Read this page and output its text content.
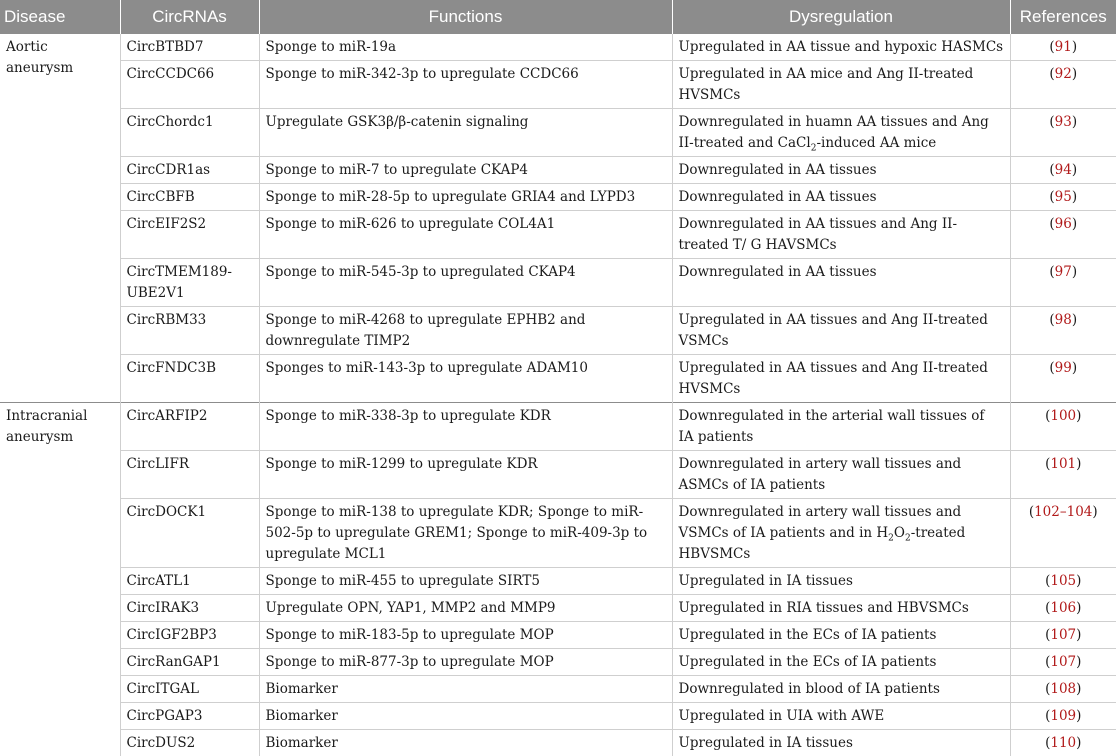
Disease	CircRNAs	Functions	Dysregulation	References
Aortic aneurysm	CircBTBD7	Sponge to miR-19a	Upregulated in AA tissue and hypoxic HASMCs	(91)
	CircCCDC66	Sponge to miR-342-3p to upregulate CCDC66	Upregulated in AA mice and Ang II-treated HVSMCs	(92)
	CircChordc1	Upregulate GSK3β/β-catenin signaling	Downregulated in huamn AA tissues and Ang II-treated and CaCl$_2$-induced AA mice	(93)
	CircCDR1as	Sponge to miR-7 to upregulate CKAP4	Downregulated in AA tissues	(94)
	CircCBFB	Sponge to miR-28-5p to upregulate GRIA4 and LYPD3	Downregulated in AA tissues	(95)
	CircEIF2S2	Sponge to miR-626 to upregulate COL4A1	Downregulated in AA tissues and Ang II-treated T/ G HAVSMCs	(96)
	CircTMEM189-UBE2V1	Sponge to miR-545-3p to upregulated CKAP4	Downregulated in AA tissues	(97)
	CircRBM33	Sponge to miR-4268 to upregulate EPHB2 and downregulate TIMP2	Upregulated in AA tissues and Ang II-treated VSMCs	(98)
	CircFNDC3B	Sponges to miR-143-3p to upregulate ADAM10	Upregulated in AA tissues and Ang II-treated HVSMCs	(99)
Intracranial aneurysm	CircARFIP2	Sponge to miR-338-3p to upregulate KDR	Downregulated in the arterial wall tissues of IA patients	(100)
	CircLIFR	Sponge to miR-1299 to upregulate KDR	Downregulated in artery wall tissues and ASMCs of IA patients	(101)
	CircDOCK1	Sponge to miR-138 to upregulate KDR; Sponge to miR-502-5p to upregulate GREM1; Sponge to miR-409-3p to upregulate MCL1	Downregulated in artery wall tissues and VSMCs of IA patients and in $H_2O_2$-treated HBVSMCs	(102–104)
	CircATL1	Sponge to miR-455 to upregulate SIRT5	Upregulated in IA tissues	(105)
	CircIRAK3	Upregulate OPN, YAP1, MMP2 and MMP9	Upregulated in RIA tissues and HBVSMCs	(106)
	CircIGF2BP3	Sponge to miR-183-5p to upregulate MOP	Upregulated in the ECs of IA patients	(107)
	CircRanGAP1	Sponge to miR-877-3p to upregulate MOP	Upregulated in the ECs of IA patients	(107)
	CircITGAL	Biomarker	Downregulated in blood of IA patients	(108)
	CircPGAP3	Biomarker	Upregulated in UIA with AWE	(109)
	CircDUS2	Biomarker	Upregulated in IA tissues	(110)
